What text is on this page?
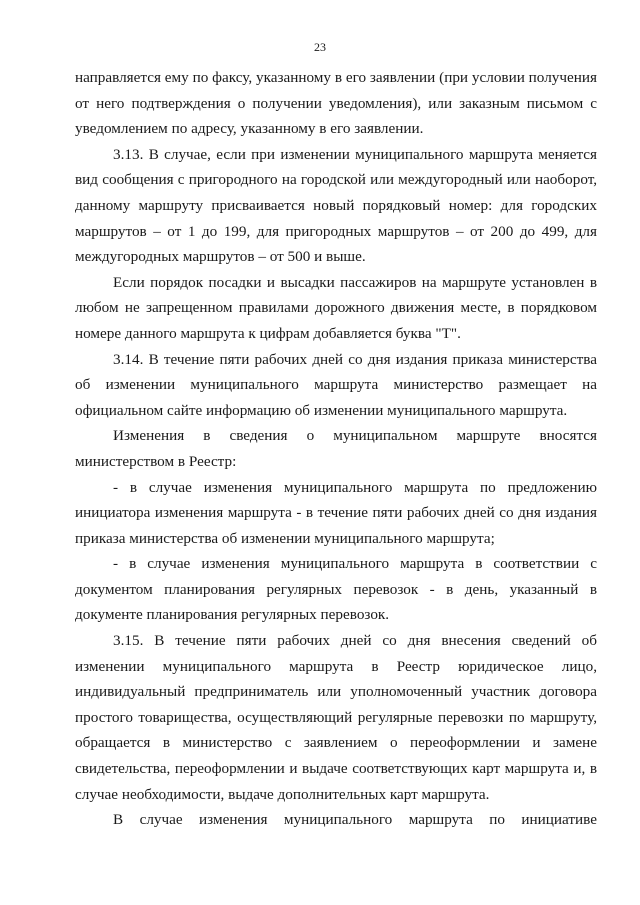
23

направляется ему по факсу, указанному в его заявлении (при условии получения от него подтверждения о получении уведомления), или заказным письмом с уведомлением по адресу, указанному в его заявлении.

3.13. В случае, если при изменении муниципального маршрута меняется вид сообщения с пригородного на городской или междугородный или наоборот, данному маршруту присваивается новый порядковый номер: для городских маршрутов – от 1 до 199, для пригородных маршрутов – от 200 до 499, для междугородных маршрутов – от 500 и выше.

Если порядок посадки и высадки пассажиров на маршруте установлен в любом не запрещенном правилами дорожного движения месте, в порядковом номере данного маршрута к цифрам добавляется буква "Т".

3.14. В течение пяти рабочих дней со дня издания приказа министерства об изменении муниципального маршрута министерство размещает на официальном сайте информацию об изменении муниципального маршрута.

Изменения в сведения о муниципальном маршруте вносятся министерством в Реестр:

- в случае изменения муниципального маршрута по предложению инициатора изменения маршрута - в течение пяти рабочих дней со дня издания приказа министерства об изменении муниципального маршрута;

- в случае изменения муниципального маршрута в соответствии с документом планирования регулярных перевозок - в день, указанный в документе планирования регулярных перевозок.

3.15. В течение пяти рабочих дней со дня внесения сведений об изменении муниципального маршрута в Реестр юридическое лицо, индивидуальный предприниматель или уполномоченный участник договора простого товарищества, осуществляющий регулярные перевозки по маршруту, обращается в министерство с заявлением о переоформлении и замене свидетельства, переоформлении и выдаче соответствующих карт маршрута и, в случае необходимости, выдаче дополнительных карт маршрута.

В случае изменения муниципального маршрута по инициативе
